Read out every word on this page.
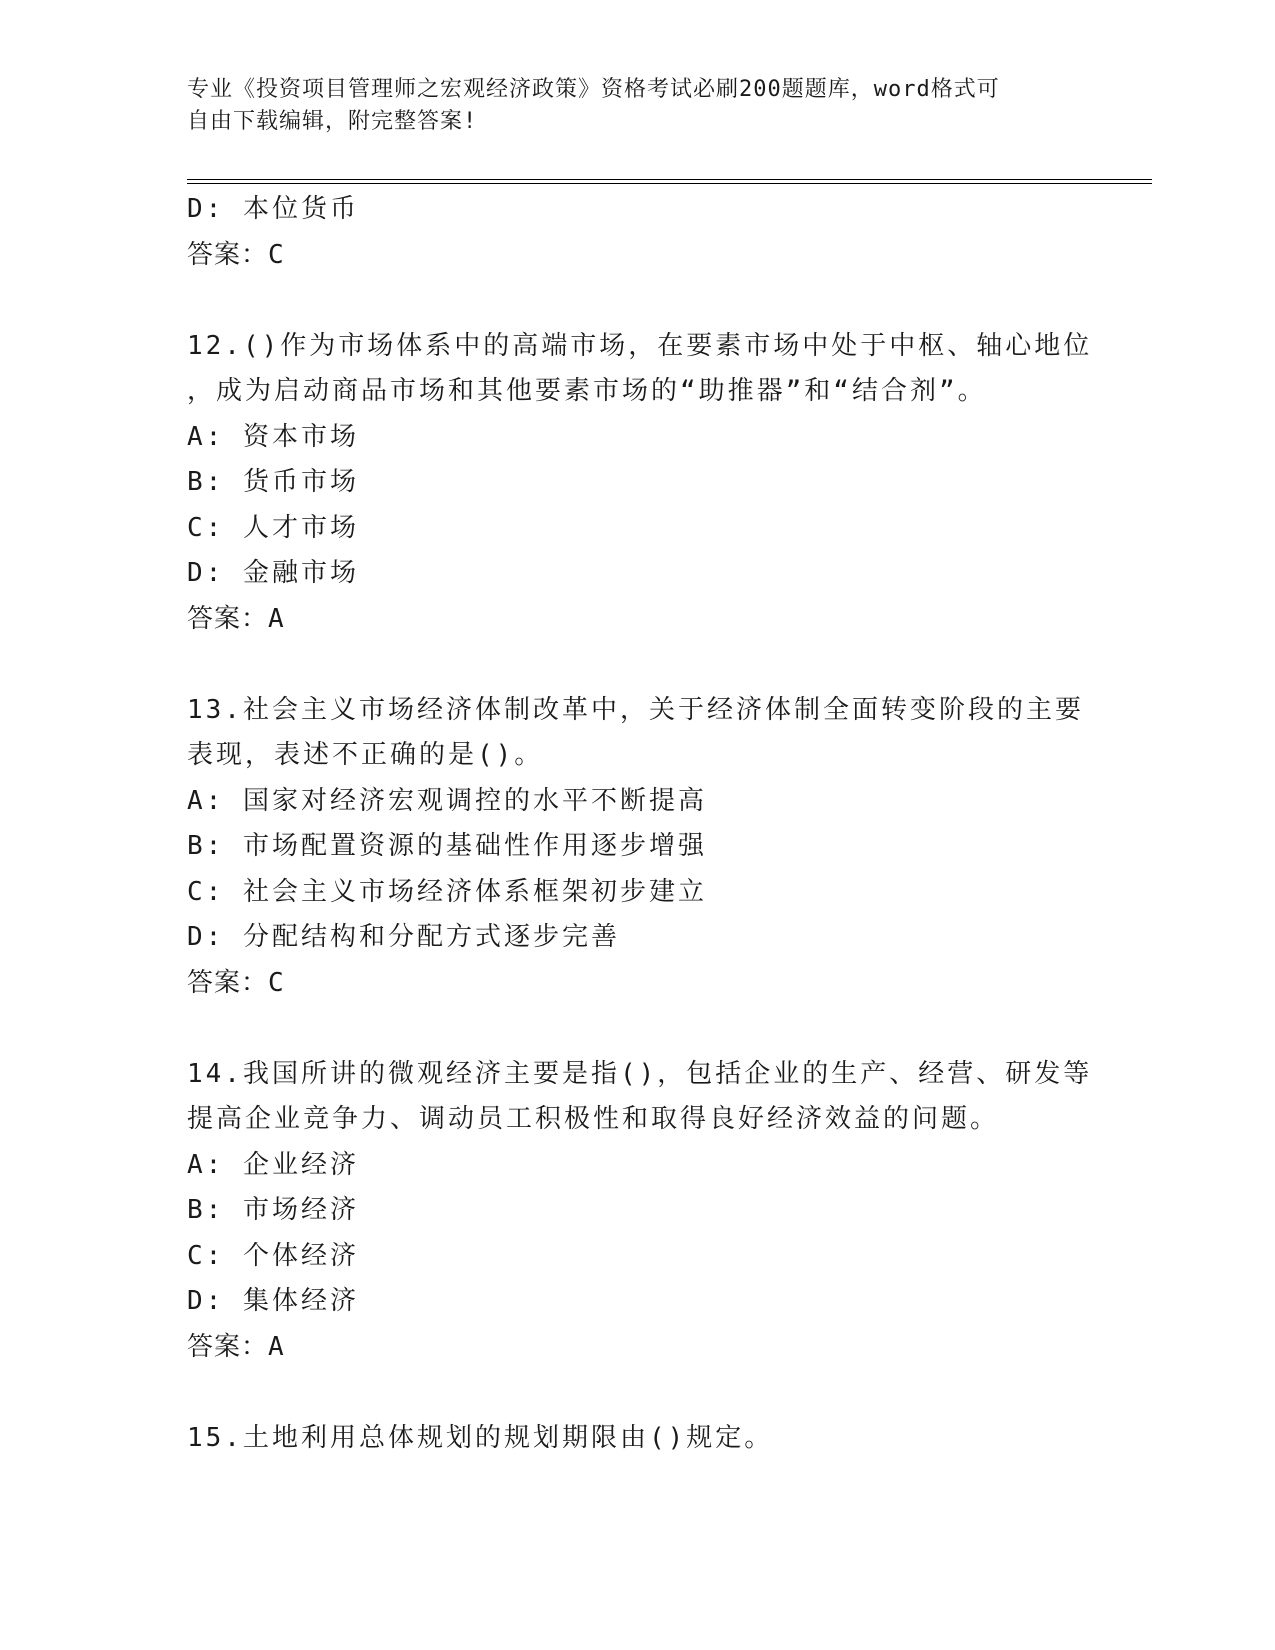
专业《投资项目管理师之宏观经济政策》资格考试必刷200题题库，word格式可
自由下载编辑，附完整答案!
D: 本位货币
答案：C
12.()作为市场体系中的高端市场，在要素市场中处于中枢、轴心地位
，成为启动商品市场和其他要素市场的“助推器”和“结合剂”。
A: 资本市场
B: 货币市场
C: 人才市场
D: 金融市场
答案：A
13.社会主义市场经济体制改革中，关于经济体制全面转变阶段的主要
表现，表述不正确的是()。
A: 国家对经济宏观调控的水平不断提高
B: 市场配置资源的基础性作用逐步增强
C: 社会主义市场经济体系框架初步建立
D: 分配结构和分配方式逐步完善
答案：C
14.我国所讲的微观经济主要是指()，包括企业的生产、经营、研发等
提高企业竞争力、调动员工积极性和取得良好经济效益的问题。
A: 企业经济
B: 市场经济
C: 个体经济
D: 集体经济
答案：A
15.土地利用总体规划的规划期限由()规定。
